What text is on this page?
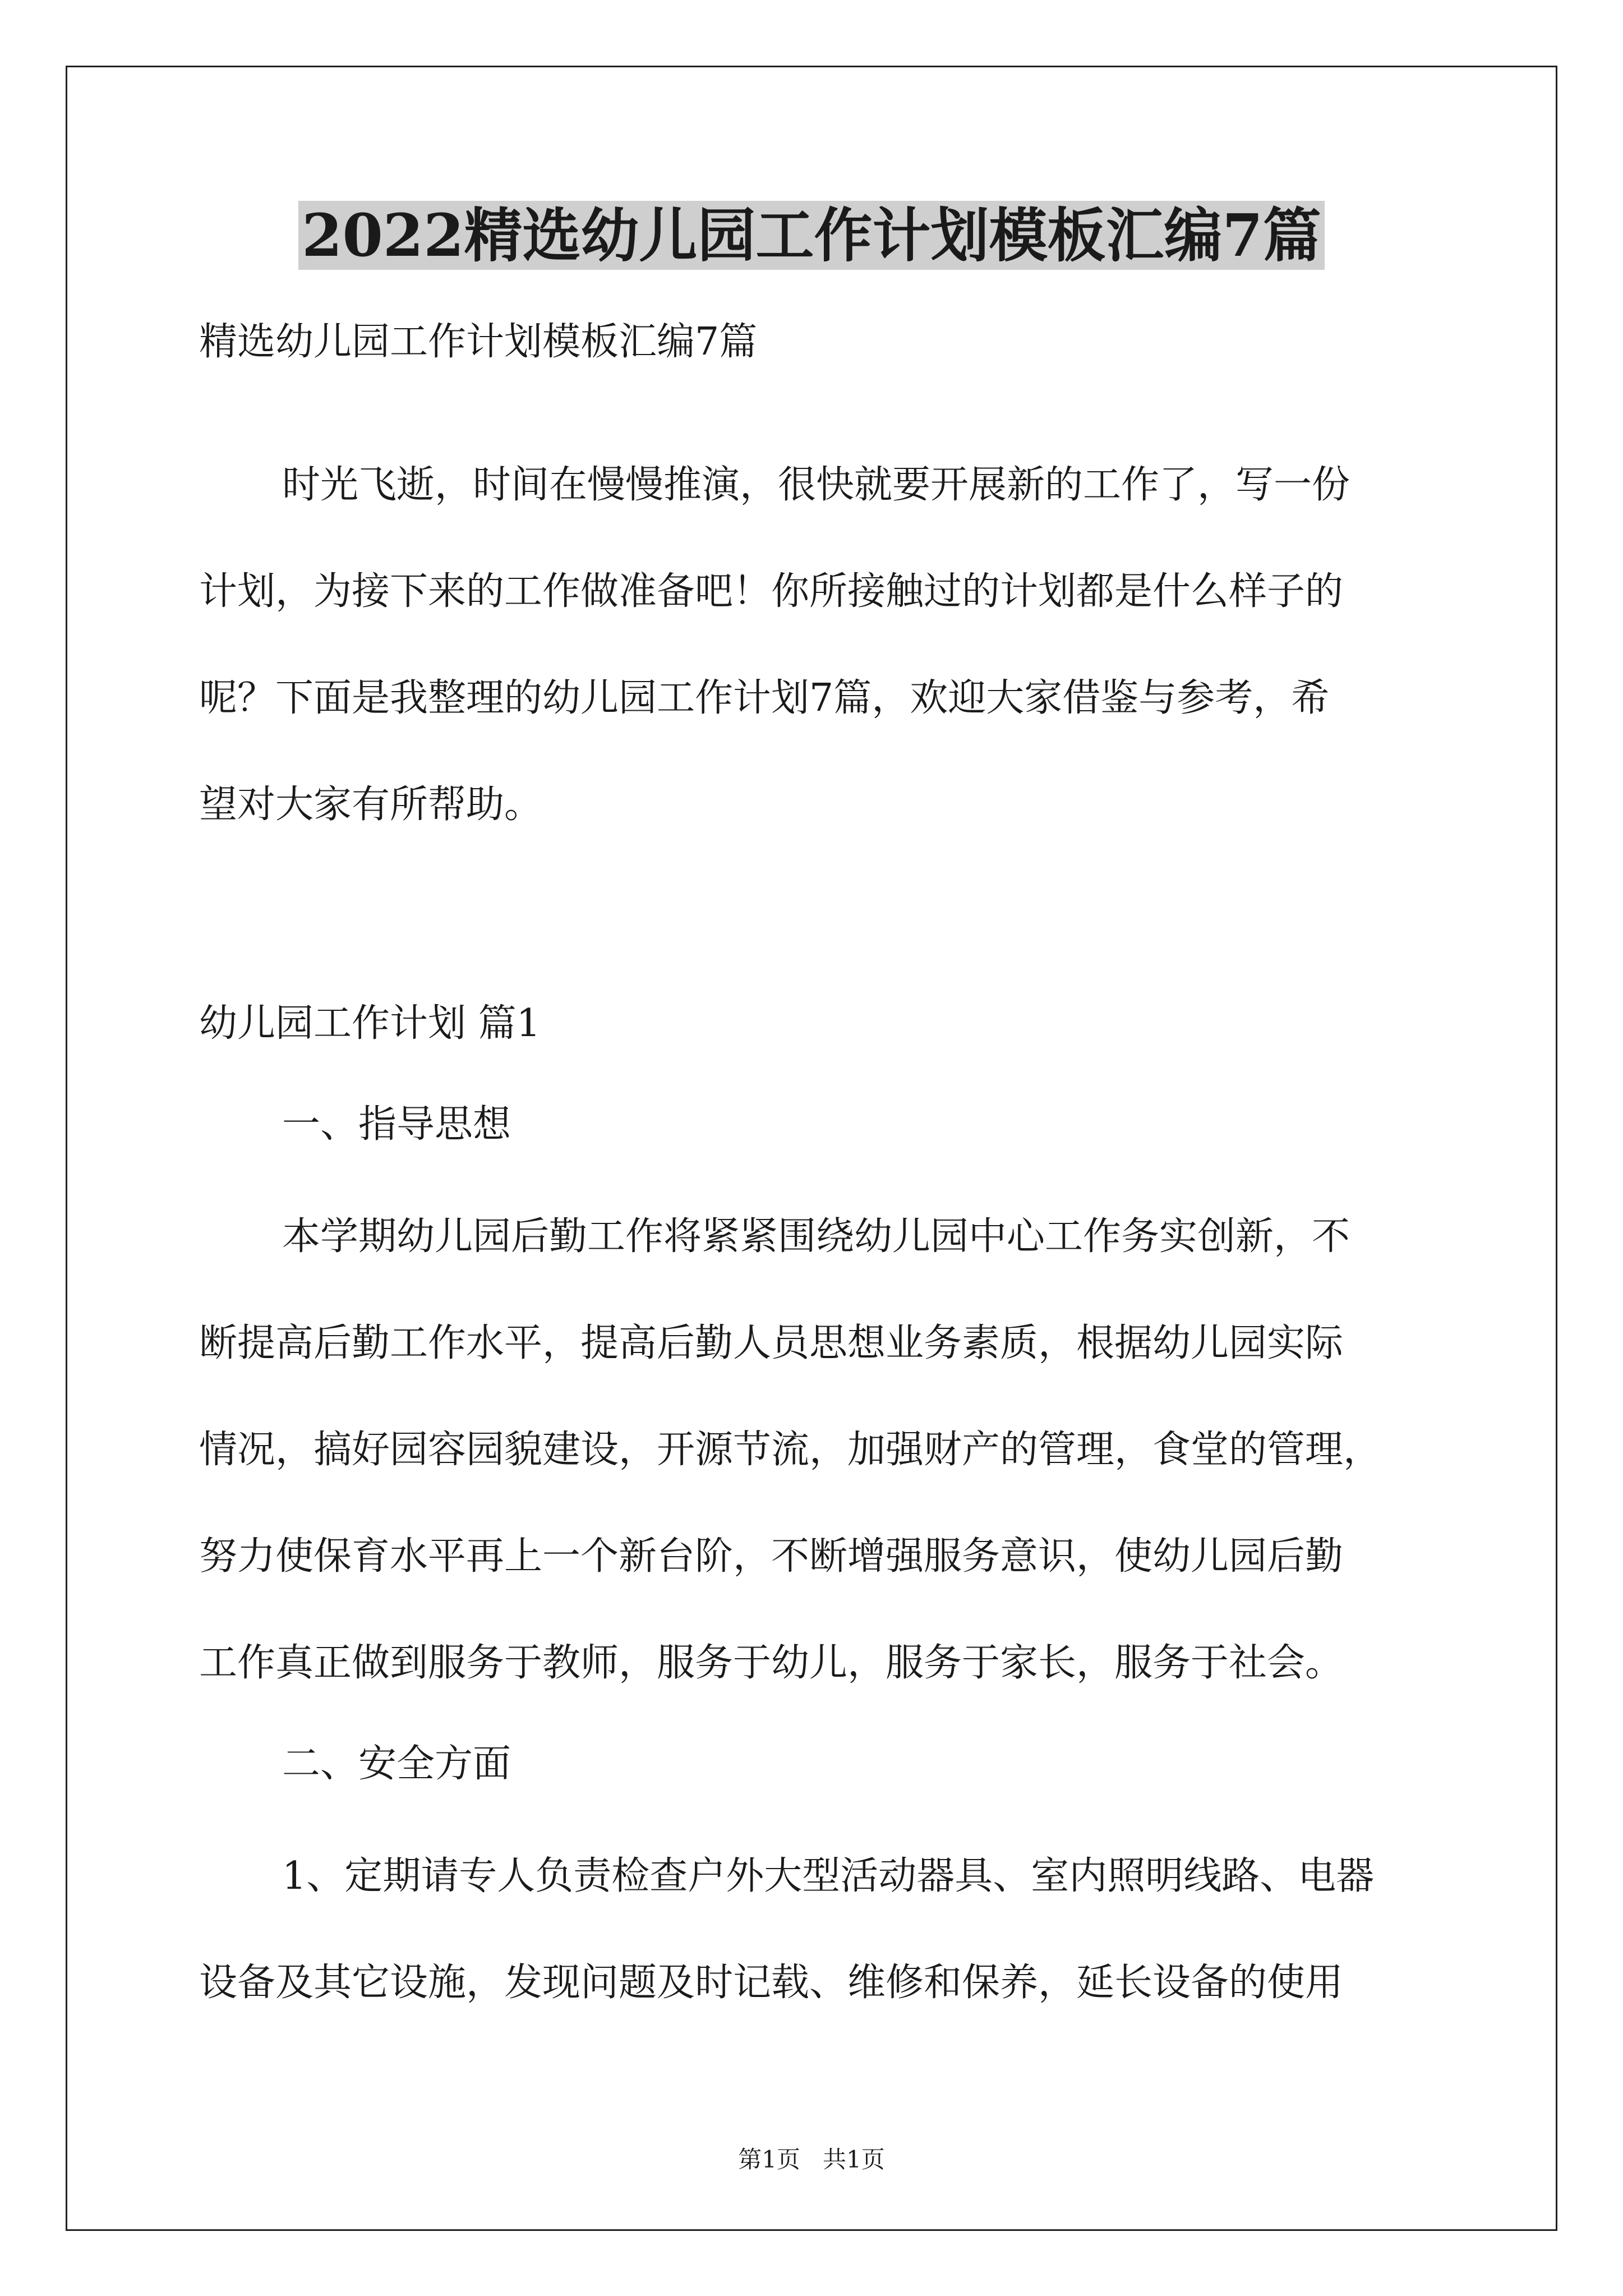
2022精选幼儿园工作计划模板汇编7篇

精选幼儿园工作计划模板汇编7篇

时光飞逝，时间在慢慢推演，很快就要开展新的工作了，写一份

计划，为接下来的工作做准备吧！你所接触过的计划都是什么样子的

呢？下面是我整理的幼儿园工作计划7篇，欢迎大家借鉴与参考，希

望对大家有所帮助。

幼儿园工作计划 篇1

一、指导思想

本学期幼儿园后勤工作将紧紧围绕幼儿园中心工作务实创新，不

断提高后勤工作水平，提高后勤人员思想业务素质，根据幼儿园实际

情况，搞好园容园貌建设，开源节流，加强财产的管理，食堂的管理，

努力使保育水平再上一个新台阶，不断增强服务意识，使幼儿园后勤

工作真正做到服务于教师，服务于幼儿，服务于家长，服务于社会。

二、安全方面

1、定期请专人负责检查户外大型活动器具、室内照明线路、电器

设备及其它设施，发现问题及时记载、维修和保养，延长设备的使用

第1页   共1页
